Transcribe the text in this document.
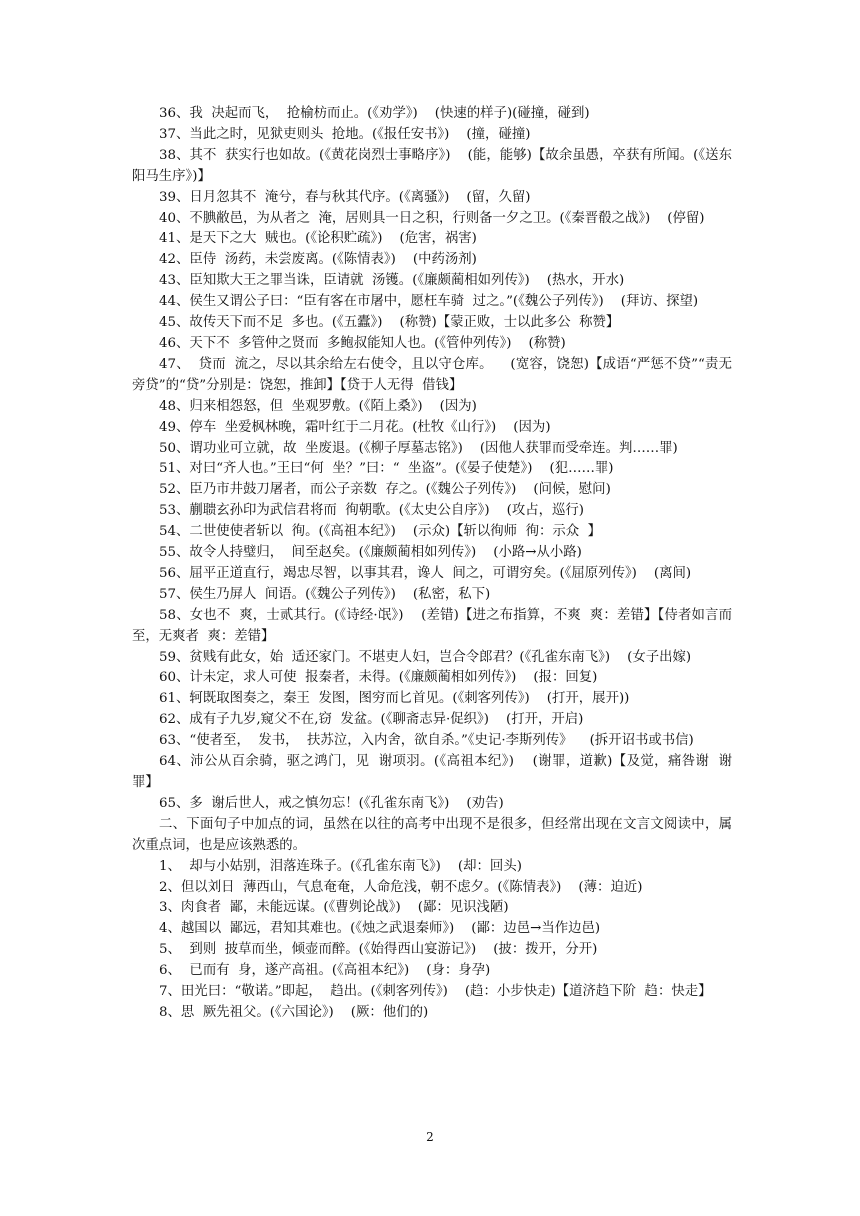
36、我  决起而飞，  抢榆枋而止。(《劝学》)    (快速的样子)(碰撞，碰到)

37、当此之时，见狱吏则头  抢地。(《报任安书》)    (撞，碰撞)

38、其不  获实行也如故。(《黄花岗烈士事略序》)    (能，能够)【故余虽愚，卒获有所闻。(《送东阳马生序》)】

39、日月忽其不  淹兮，春与秋其代序。(《离骚》)    (留，久留)

40、不腆敝邑，为从者之  淹，居则具一日之积，行则备一夕之卫。(《秦晋殽之战》)    (停留)

41、是天下之大  贼也。(《论积贮疏》)    (危害，祸害)

42、臣侍  汤药，未尝废离。(《陈情表》)    (中药汤剂)

43、臣知欺大王之罪当诛，臣请就  汤镬。(《廉颇蔺相如列传》)    (热水，开水)

44、侯生又谓公子曰：“臣有客在市屠中，愿枉车骑  过之。”(《魏公子列传》)    (拜访、探望)

45、故传天下而不足  多也。(《五蠹》)    (称赞)【蒙正败，士以此多公  称赞】

46、天下不  多管仲之贤而  多鲍叔能知人也。(《管仲列传》)    (称赞)

47、  贷而  流之，尽以其余给左右使令，且以守仓库。    (宽容，饶恕)【成语“严惩不贷”“责无旁贷”的“贷”分别是：饶恕，推卸】【贷于人无得  借钱】

48、归来相怨怒，但  坐观罗敷。(《陌上桑》)    (因为)

49、停车  坐爱枫林晚，霜叶红于二月花。(杜牧《山行》)    (因为)

50、谓功业可立就，故  坐废退。(《柳子厚墓志铭》)    (因他人获罪而受牵连。判……罪)

51、对曰“齐人也。”王曰“何  坐？”曰：“  坐盗”。(《晏子使楚》)    (犯……罪)

52、臣乃市井鼓刀屠者，而公子亲数  存之。(《魏公子列传》)    (问候，慰问)

53、蒯聩玄孙印为武信君将而  徇朝歌。(《太史公自序》)    (攻占，巡行)

54、二世使使者斩以  徇。(《高祖本纪》)    (示众)【斩以徇师  徇：示众  】

55、故令人持璧归，  间至赵矣。(《廉颇蔺相如列传》)    (小路→从小路)

56、屈平正道直行，竭忠尽智，以事其君，谗人  间之，可谓穷矣。(《屈原列传》)    (离间)

57、侯生乃屏人  间语。(《魏公子列传》)    (私密，私下)

58、女也不  爽，士贰其行。(《诗经·氓》)    (差错)【进之布指算，不爽  爽：差错】【侍者如言而至，无爽者  爽：差错】

59、贫贱有此女，始  适还家门。不堪吏人妇，岂合令郎君？(《孔雀东南飞》)    (女子出嫁)

60、计未定，求人可使  报秦者，未得。(《廉颇蔺相如列传》)    (报：回复)

61、轲既取图奏之，秦王  发图，图穷而匕首见。(《刺客列传》)    (打开，展开))

62、成有子九岁,窥父不在,窃  发盆。(《聊斋志异·促织》)    (打开，开启)

63、“使者至，  发书，  扶苏泣，入内舍，欲自杀。”《史记·李斯列传》    (拆开诏书或书信)

64、沛公从百余骑，驱之鸿门，见  谢项羽。(《高祖本纪》)    (谢罪，道歉)【及觉，痛咎谢  谢罪】

65、多  谢后世人，戒之慎勿忘！(《孔雀东南飞》)    (劝告)

二、下面句子中加点的词，虽然在以往的高考中出现不是很多，但经常出现在文言文阅读中，属次重点词，也是应该熟悉的。

1、  却与小姑别，泪落连珠子。(《孔雀东南飞》)    (却：回头)

2、但以刘日  薄西山，气息奄奄，人命危浅，朝不虑夕。(《陈情表》)    (薄：迫近)

3、肉食者  鄙，未能远谋。(《曹刿论战》)    (鄙：见识浅陋)

4、越国以  鄙远，君知其难也。(《烛之武退秦师》)    (鄙：边邑→当作边邑)

5、  到则  披草而坐，倾壶而醉。(《始得西山宴游记》)    (披：拨开，分开)

6、  已而有  身，遂产高祖。(《高祖本纪》)    (身：身孕)

7、田光曰：“敬诺。”即起，  趋出。(《刺客列传》)    (趋：小步快走)【道济趋下阶  趋：快走】

8、思  厥先祖父。(《六国论》)    (厥：他们的)

2
